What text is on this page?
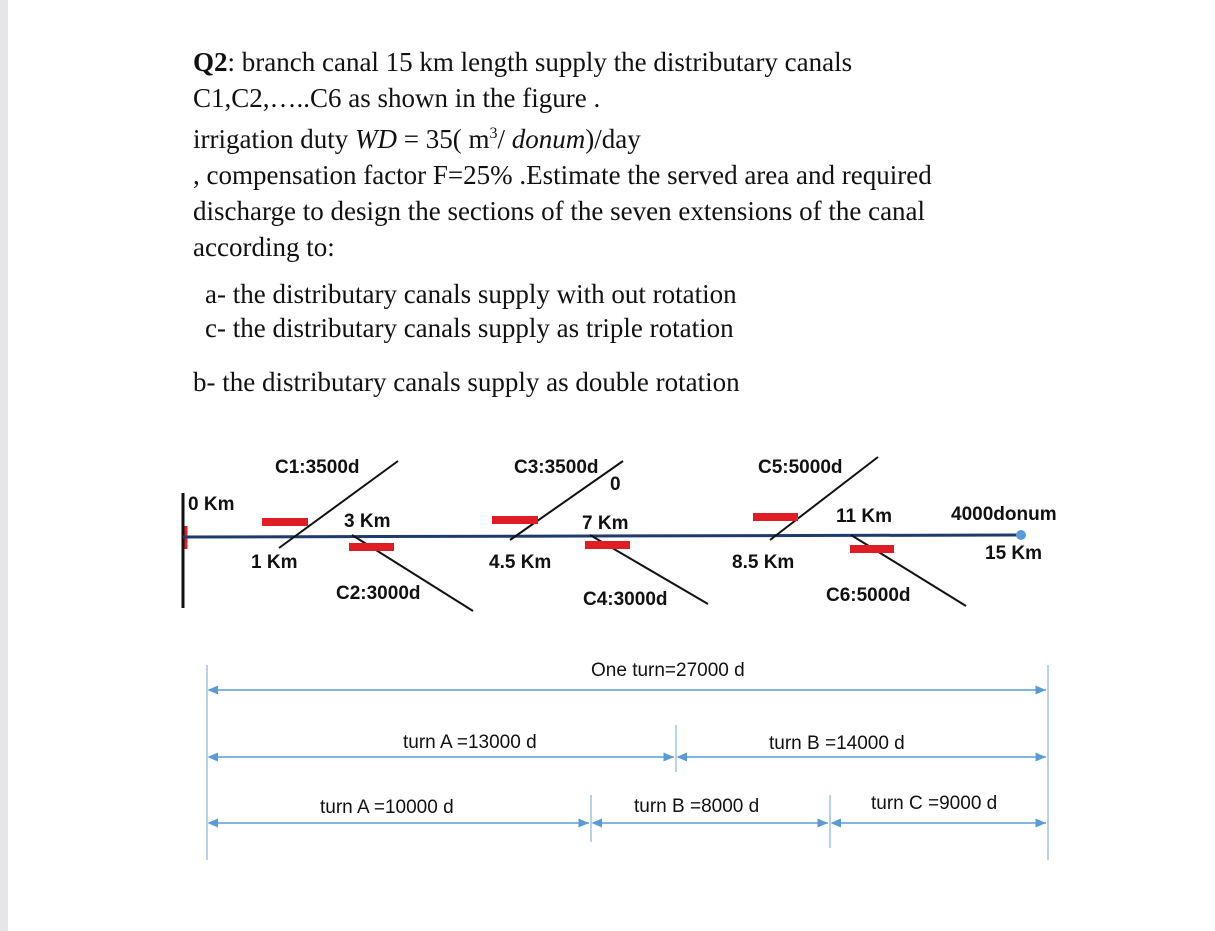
Q2: branch canal 15 km length supply the distributary canals
C1,C2,…..C6 as shown in the figure .
irrigation duty WD = 35( $m^3/$ donum)/day
, compensation factor F=25% .Estimate the served area and required
discharge to design the sections of the seven extensions of the canal
according to:
a- the distributary canals supply with out rotation
c- the distributary canals supply as triple rotation
b- the distributary canals supply as double rotation
0 Km
C1:3500d
3 Km
C3:3500d
0
7 Km
C5:5000d
11 Km	4000donum
15 Km
1 Km
C2:3000d
4.5 Km
C4:3000d
8.5 Km
C6:5000d
One turn=27000 d
turn A =13000 d	turn B =14000 d
turn A =10000 d	turn B =8000 d	turn C =9000 d
